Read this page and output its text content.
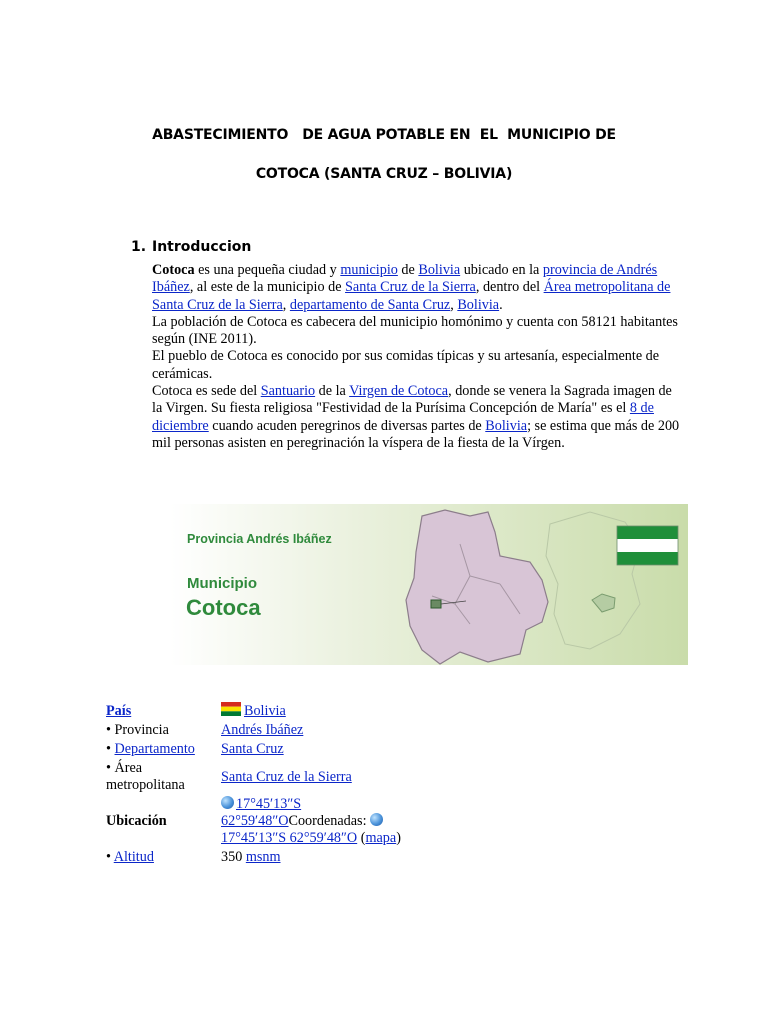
ABASTECIMIENTO   DE AGUA POTABLE EN  EL  MUNICIPIO DE
COTOCA (SANTA CRUZ – BOLIVIA)
1. Introduccion

Cotoca es una pequeña ciudad y municipio de Bolivia ubicado en la provincia de Andrés Ibáñez, al este de la municipio de Santa Cruz de la Sierra, dentro del Área metropolitana de Santa Cruz de la Sierra, departamento de Santa Cruz, Bolivia.

La población de Cotoca es cabecera del municipio homónimo y cuenta con 58121 habitantes según (INE 2011).

El pueblo de Cotoca es conocido por sus comidas típicas y su artesanía, especialmente de cerámicas.

Cotoca es sede del Santuario de la Virgen de Cotoca, donde se venera la Sagrada imagen de la Virgen. Su fiesta religiosa "Festividad de la Purísima Concepción de María" es el 8 de diciembre cuando acuden peregrinos de diversas partes de Bolivia; se estima que más de 200 mil personas asisten en peregrinación la víspera de la fiesta de la Vírgen.

Provincia Andrés Ibáñez
Municipio
Cotoca
País	Bolivia
• Provincia	Andrés Ibáñez
• Departamento	Santa Cruz
• Área
metropolitana	Santa Cruz de la Sierra
Ubicación	17°45′13″S
62°59′48″OCoordenadas:
17°45′13″S 62°59′48″O (mapa)
• Altitud	350 msnm
